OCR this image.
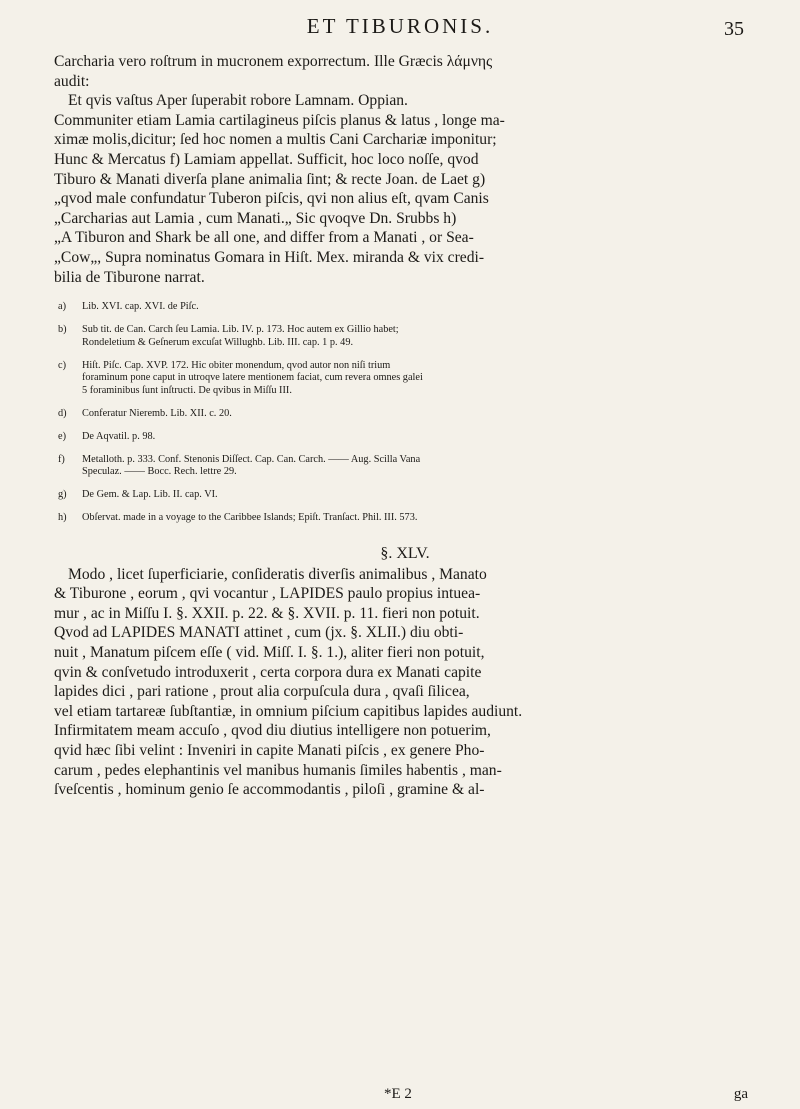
ET TIBURONIS.	35
Carcharia vero roſtrum in mucronem exporrectum. Ille Græcis λάμνης
audit:
Et qvis vaſtus Aper ſuperabit robore Lamnam. Oppian.
Communiter etiam Lamia cartilagineus piſcis planus & latus , longe ma-
ximæ molis,dicitur; ſed hoc nomen a multis Cani Carchariæ imponitur;
Hunc & Mercatus f) Lamiam appellat. Sufficit, hoc loco noſſe, qvod
Tiburo & Manati diverſa plane animalia ſint; & recte Joan. de Laet g)
„qvod male confundatur Tuberon piſcis, qvi non alius eſt, qvam Canis
„Carcharias aut Lamia , cum Manati.„ Sic qvoqve Dn. Srubbs h)
„A Tiburon and Shark be all one, and differ from a Manati , or Sea-
„Cow„, Supra nominatus Gomara in Hiſt. Mex. miranda & vix credi-
bilia de Tiburone narrat.
a) Lib. XVI. cap. XVI. de Piſc.
b) Sub tit. de Can. Carch ſeu Lamia. Lib. IV. p. 173. Hoc autem ex Gillio habet;
Rondeletium & Geſnerum excuſat Willughb. Lib. III. cap. 1 p. 49.
c) Hiſt. Piſc. Cap. XVP. 172. Hic obiter monendum, qvod autor non niſi trium
foraminum pone caput in utroqve latere mentionem faciat, cum revera omnes galei
5 foraminibus ſunt inſtructi. De qvibus in Miſſu III.
d) Conferatur Nieremb. Lib. XII. c. 20.
e) De Aqvatil. p. 98.
f) Metalloth. p. 333. Conf. Stenonis Diſſect. Cap. Can. Carch. —— Aug. Scilla Vana
Speculaz. —— Bocc. Rech. lettre 29.
g) De Gem. & Lap. Lib. II. cap. VI.
h) Obſervat. made in a voyage to the Caribbee Islands; Epiſt. Tranſact. Phil. III. 573.
§. XLV.
Modo , licet ſuperficiarie, conſideratis diverſis animalibus , Manato
& Tiburone , eorum , qvi vocantur , LAPIDES paulo propius intuea-
mur , ac in Miſſu I. §. XXII. p. 22. & §. XVII. p. 11. fieri non potuit.
Qvod ad LAPIDES MANATI attinet , cum (jx. §. XLII.) diu obti-
nuit , Manatum piſcem eſſe ( vid. Miſſ. I. §. 1.), aliter fieri non potuit,
qvin & conſvetudo introduxerit , certa corpora dura ex Manati capite
lapides dici , pari ratione , prout alia corpuſcula dura , qvaſi ſilicea,
vel etiam tartareæ ſubſtantiæ, in omnium piſcium capitibus lapides audiunt.
Infirmitatem meam accuſo , qvod diu diutius intelligere non potuerim,
qvid hæc ſibi velint : Inveniri in capite Manati piſcis , ex genere Pho-
carum , pedes elephantinis vel manibus humanis ſimiles habentis , man-
ſveſcentis , hominum genio ſe accommodantis , piloſi , gramine & al-
*E 2	ga
